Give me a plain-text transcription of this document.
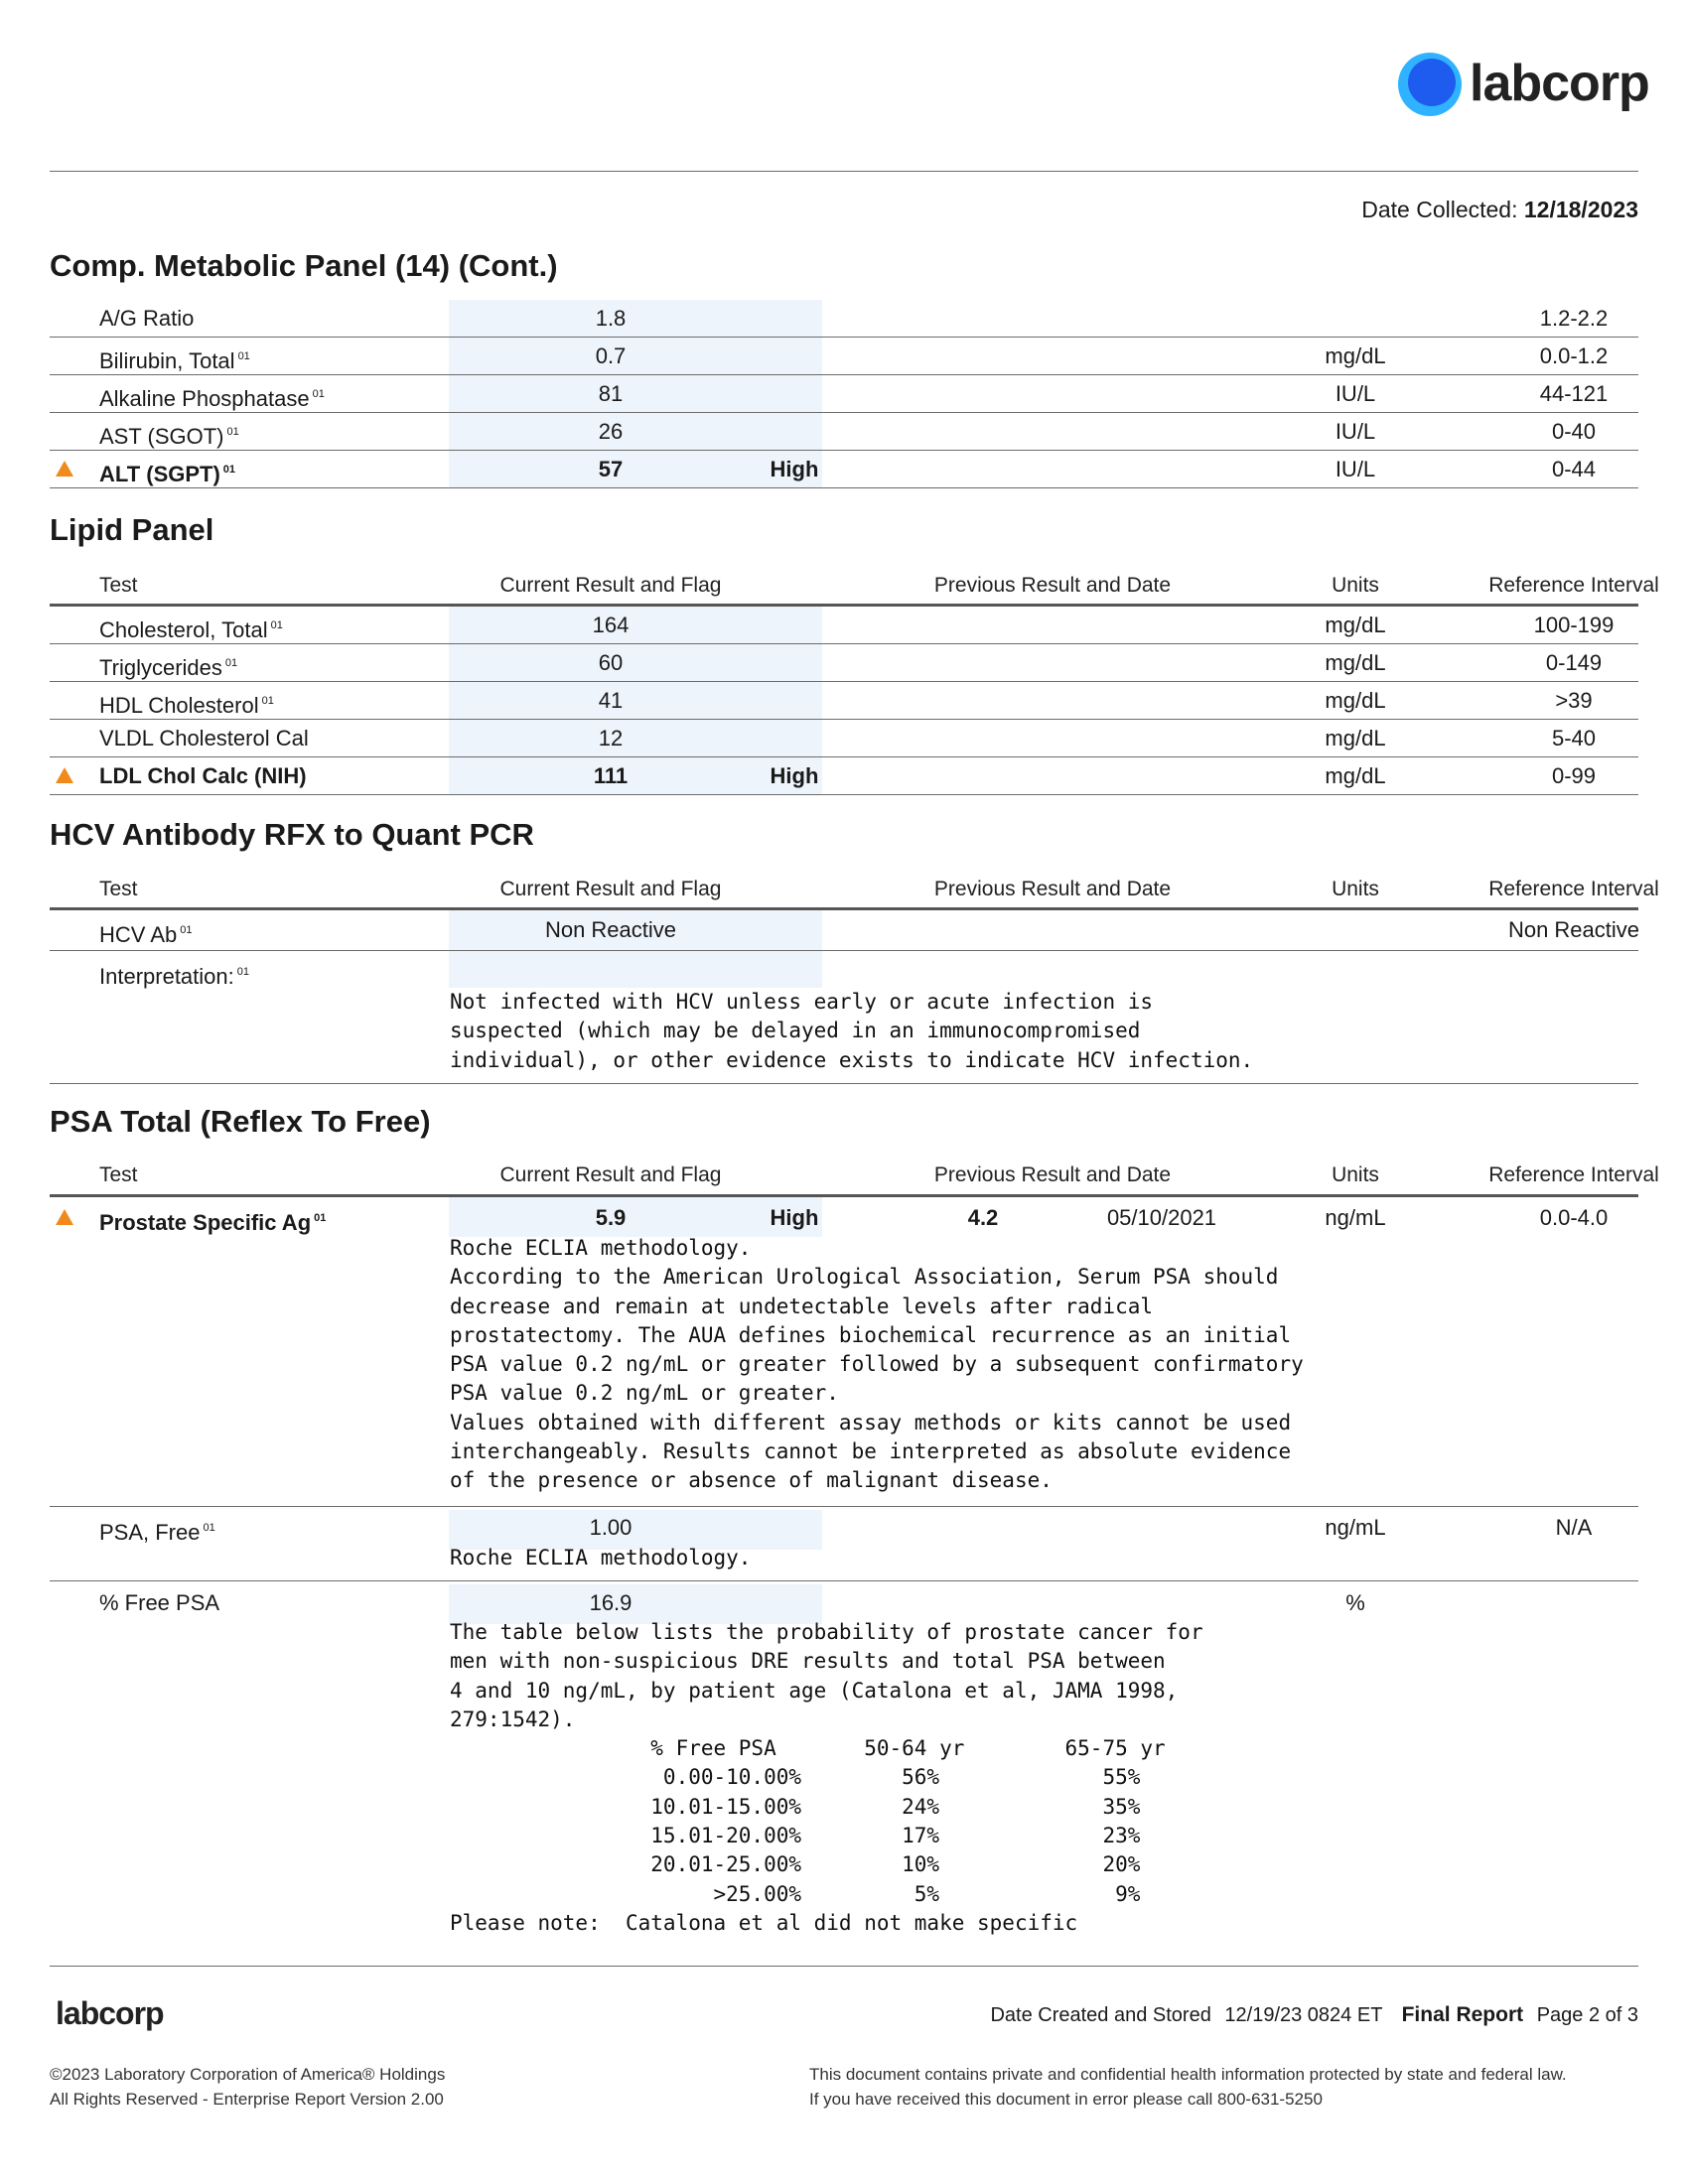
labcorp
Date Collected: 12/18/2023
Comp. Metabolic Panel (14) (Cont.)
A/G Ratio	1.8	1.2-2.2
Bilirubin, Total $^{01}$	0.7	mg/dL	0.0-1.2
Alkaline Phosphatase $^{01}$	81	IU/L	44-121
AST (SGOT) $^{01}$	26	IU/L	0-40
ALT (SGPT) $^{01}$	57	High	IU/L	0-44
Lipid Panel
Test	Current Result and Flag	Previous Result and Date	Units	Reference Interval
Cholesterol, Total $^{01}$	164	mg/dL	100-199
Triglycerides $^{01}$	60	mg/dL	0-149
HDL Cholesterol $^{01}$	41	mg/dL	>39
VLDL Cholesterol Cal	12	mg/dL	5-40
LDL Chol Calc (NIH)	111	High	mg/dL	0-99
HCV Antibody RFX to Quant PCR
Test	Current Result and Flag	Previous Result and Date	Units	Reference Interval
HCV Ab $^{01}$	Non Reactive	Non Reactive
Interpretation: $^{01}$
Not infected with HCV unless early or acute infection is
suspected (which may be delayed in an immunocompromised
individual), or other evidence exists to indicate HCV infection.
PSA Total (Reflex To Free)
Test	Current Result and Flag	Previous Result and Date	Units	Reference Interval
Prostate Specific Ag $^{01}$	5.9	High	4.2	05/10/2021	ng/mL	0.0-4.0
Roche ECLIA methodology.
According to the American Urological Association, Serum PSA should
decrease and remain at undetectable levels after radical
prostatectomy. The AUA defines biochemical recurrence as an initial
PSA value 0.2 ng/mL or greater followed by a subsequent confirmatory
PSA value 0.2 ng/mL or greater.
Values obtained with different assay methods or kits cannot be used
interchangeably. Results cannot be interpreted as absolute evidence
of the presence or absence of malignant disease.
PSA, Free $^{01}$	1.00	ng/mL	N/A
Roche ECLIA methodology.
% Free PSA	16.9	%
The table below lists the probability of prostate cancer for
men with non-suspicious DRE results and total PSA between
4 and 10 ng/mL, by patient age (Catalona et al, JAMA 1998,
279:1542).
% Free PSA       50-64 yr        65-75 yr
0.00-10.00%        56%             55%
10.01-15.00%        24%             35%
15.01-20.00%        17%             23%
20.01-25.00%        10%             20%
>25.00%         5%              9%
Please note:  Catalona et al did not make specific
labcorp	Date Created and Stored 12/19/23 0824 ET Final Report Page 2 of 3
©2023 Laboratory Corporation of America® Holdings
All Rights Reserved - Enterprise Report Version 2.00
This document contains private and confidential health information protected by state and federal law.
If you have received this document in error please call 800-631-5250
